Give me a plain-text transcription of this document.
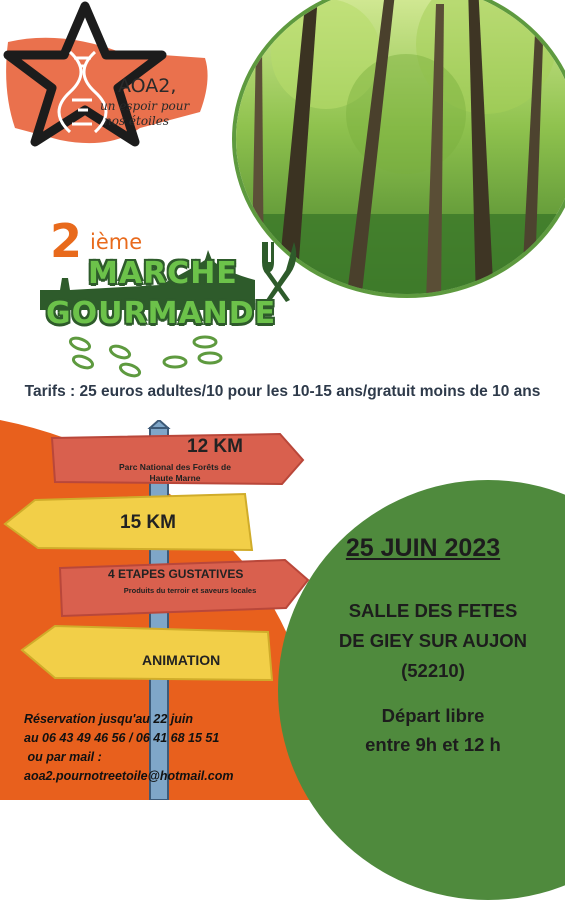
AOA2,
un espoir pour
nos étoiles
2 ième
MARCHE
GOURMANDE
Tarifs : 25 euros adultes/10 pour les 10-15 ans/gratuit moins de 10 ans
12 KM
Parc National des Forêts de
Haute Marne
15 KM
4 ETAPES GUSTATIVES
Produits du terroir et saveurs locales
ANIMATION
25 JUIN 2023
SALLE DES FETES
DE GIEY SUR AUJON
(52210)
Départ libre
entre 9h et 12 h
Réservation jusqu'au 22 juin
au 06 43 49 46 56 / 06 41 68 15 51
ou par mail :
aoa2.pournotreetoile@hotmail.com
